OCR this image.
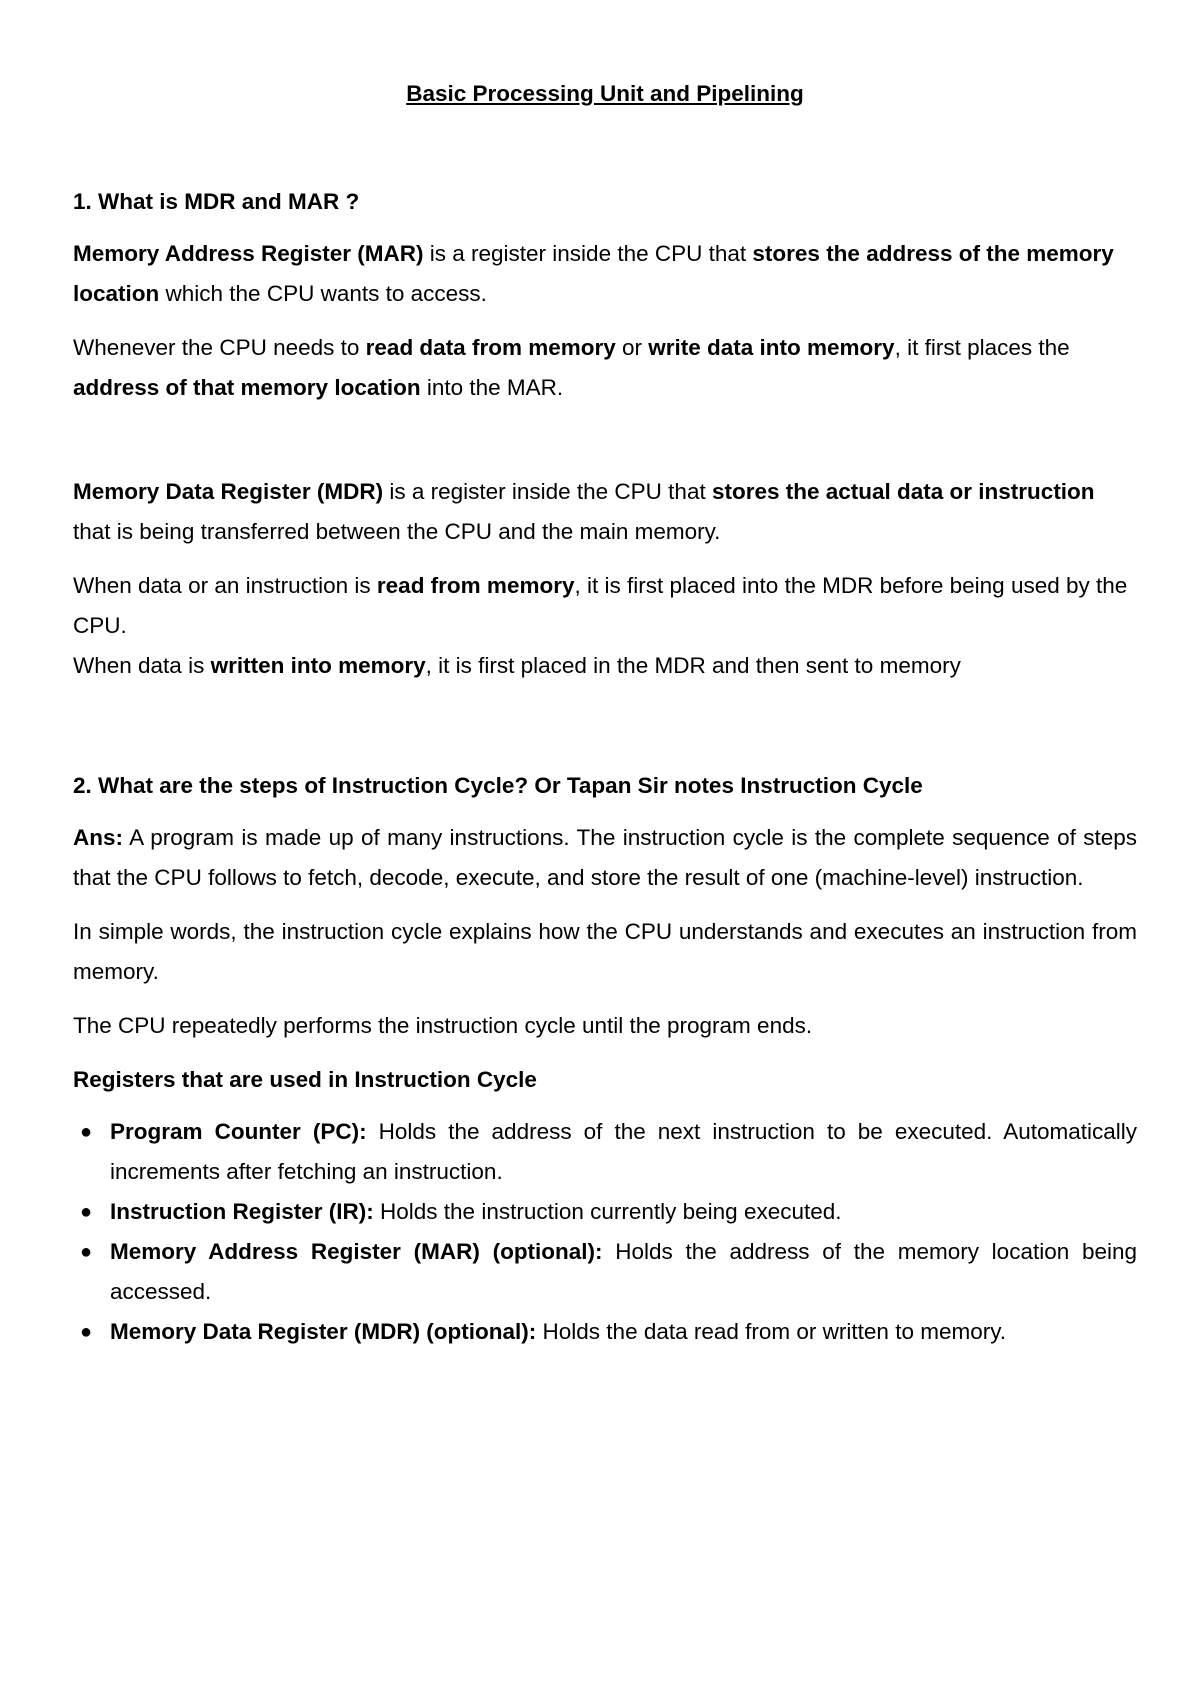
Basic Processing Unit and Pipelining
1. What is MDR and MAR ?

Memory Address Register (MAR) is a register inside the CPU that stores the address of the memory location which the CPU wants to access.

Whenever the CPU needs to read data from memory or write data into memory, it first places the address of that memory location into the MAR.

Memory Data Register (MDR) is a register inside the CPU that stores the actual data or instruction that is being transferred between the CPU and the main memory.

When data or an instruction is read from memory, it is first placed into the MDR before being used by the CPU.

When data is written into memory, it is first placed in the MDR and then sent to memory

2. What are the steps of Instruction Cycle? Or Tapan Sir notes Instruction Cycle

Ans: A program is made up of many instructions. The instruction cycle is the complete sequence of steps that the CPU follows to fetch, decode, execute, and store the result of one (machine-level) instruction.

In simple words, the instruction cycle explains how the CPU understands and executes an instruction from memory.

The CPU repeatedly performs the instruction cycle until the program ends.

Registers that are used in Instruction Cycle
● Program Counter (PC): Holds the address of the next instruction to be executed. Automatically increments after fetching an instruction.
● Instruction Register (IR): Holds the instruction currently being executed.
● Memory Address Register (MAR) (optional): Holds the address of the memory location being accessed.
● Memory Data Register (MDR) (optional): Holds the data read from or written to memory.
